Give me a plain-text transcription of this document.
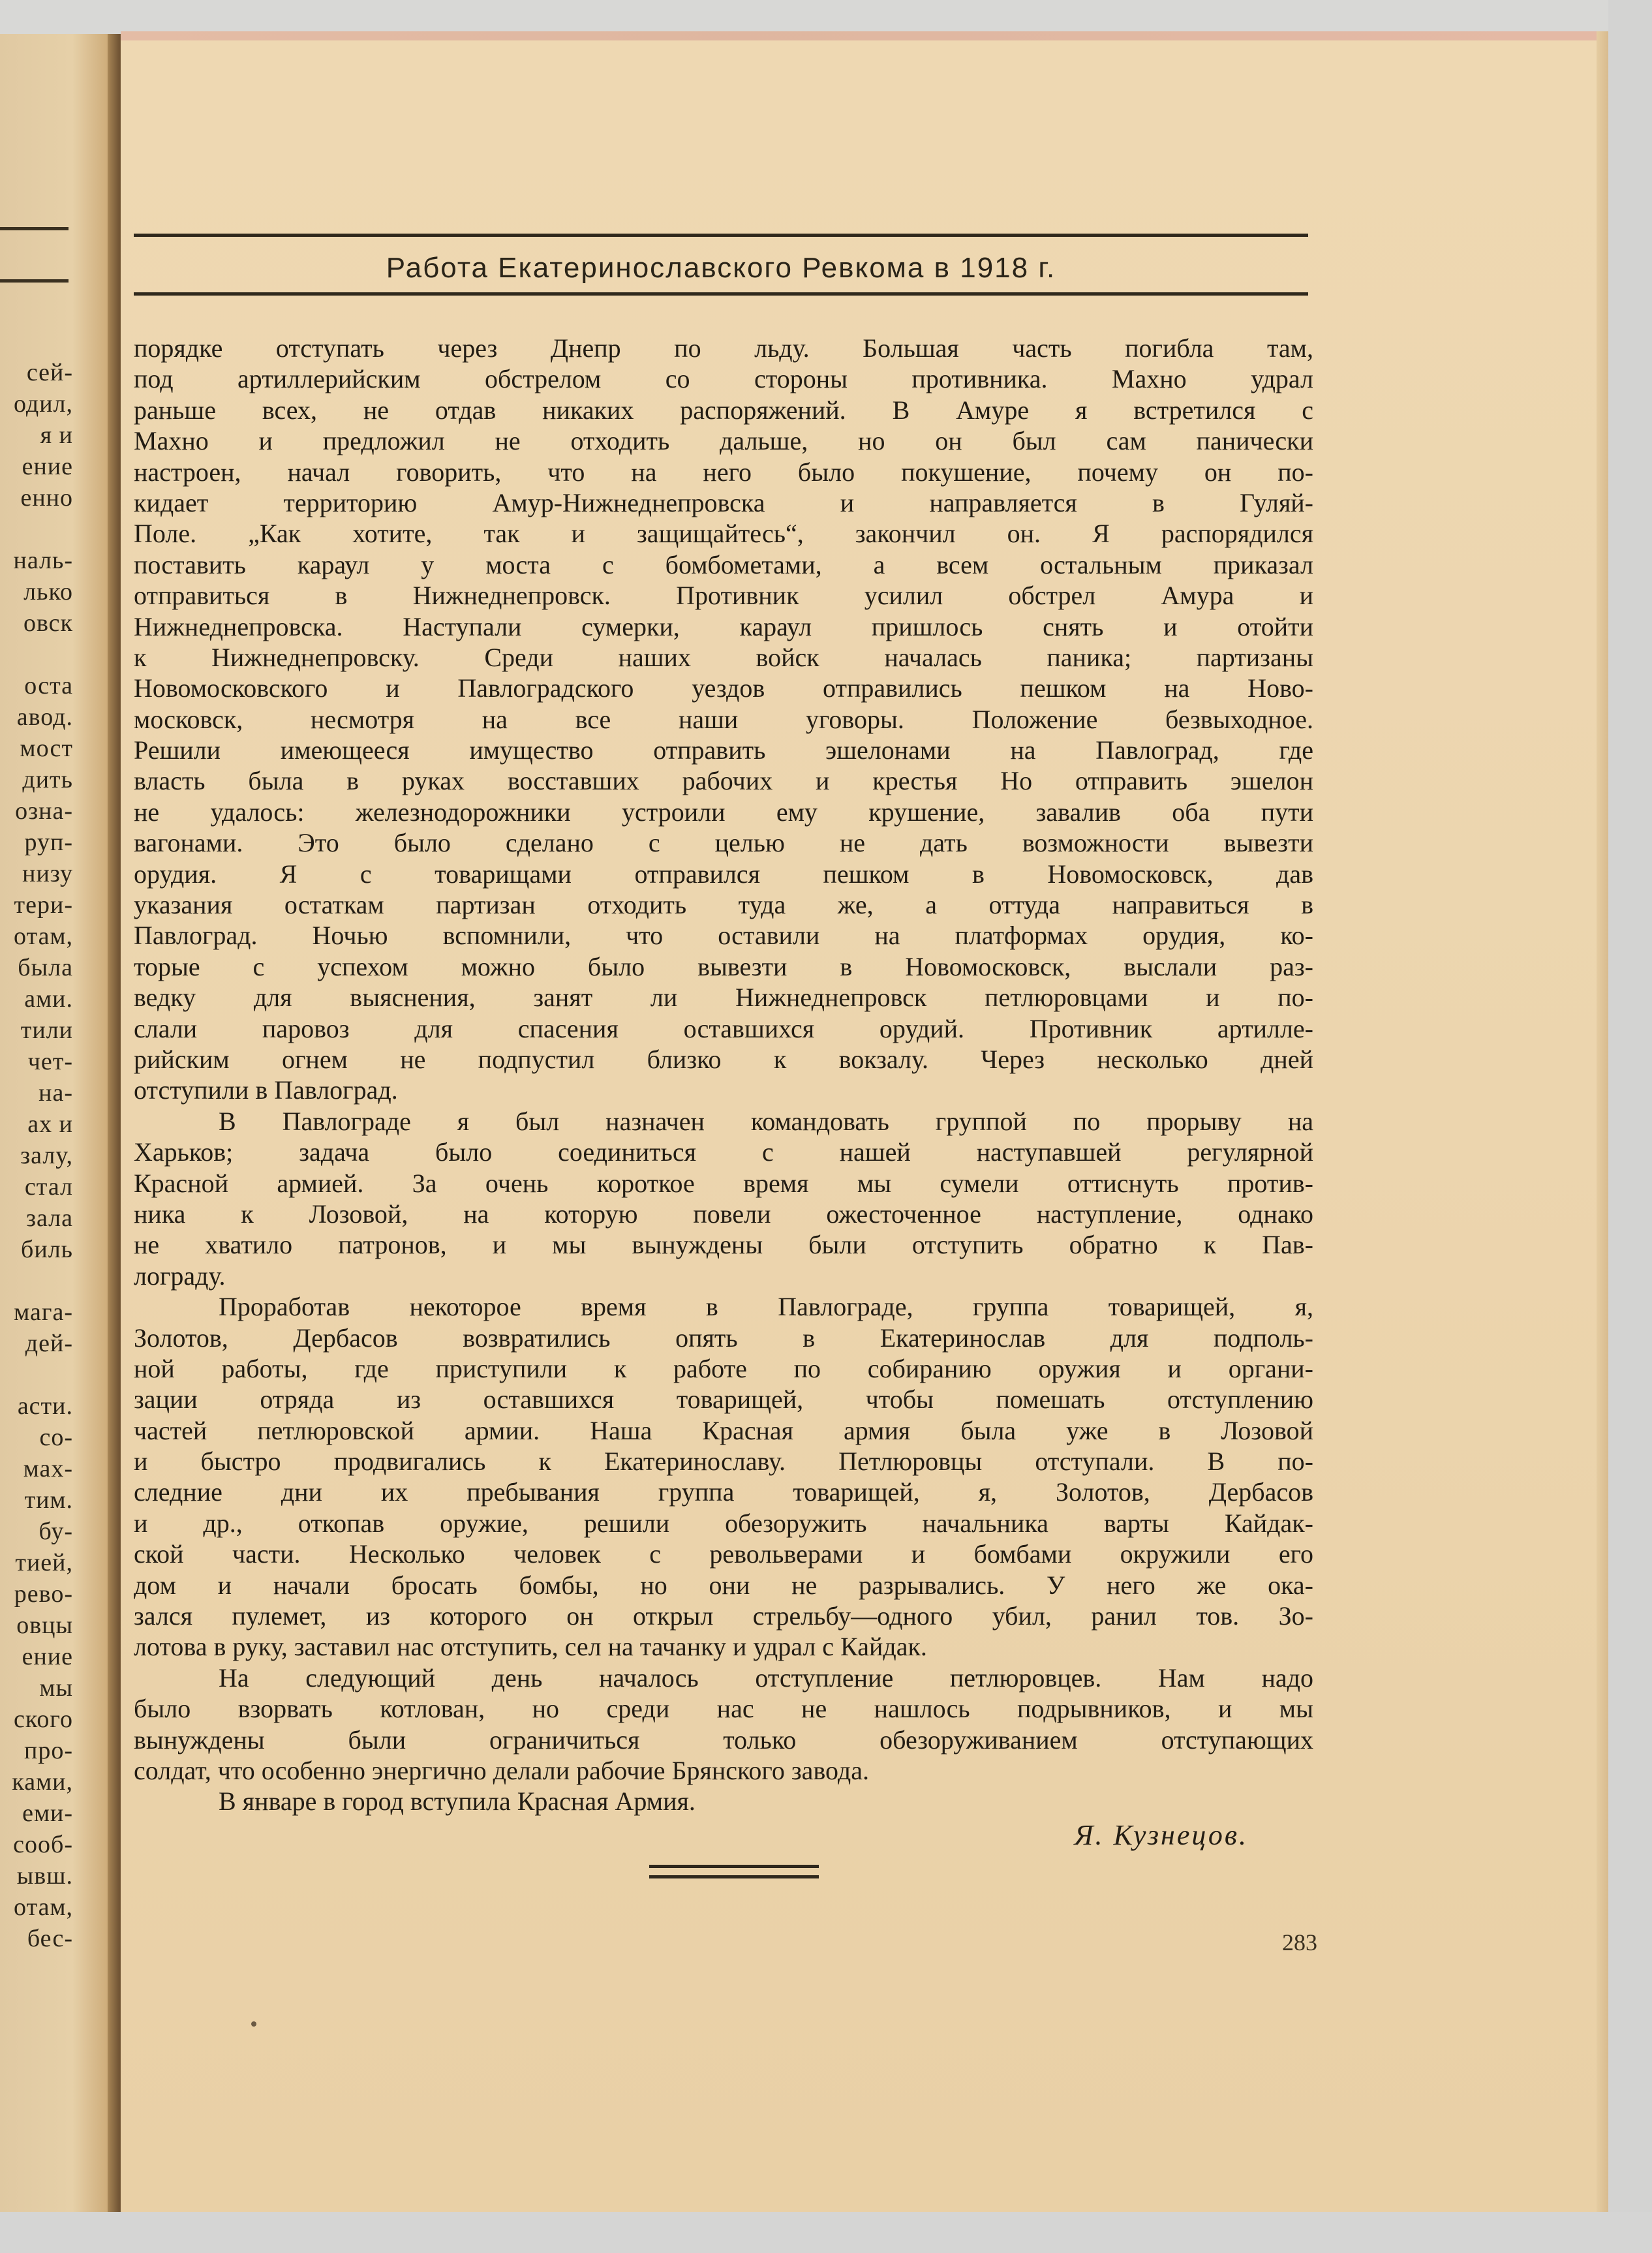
сей-
одил,
я и
ение
енно
наль-
лько
овск
оста
авод.
мост
дить
озна-
руп-
низу
тери-
отам,
была
ами.
тили
чет-
на-
ах и
залу,
стал
зала
биль
мага-
дей-
асти.
со-
мах-
тим.
бу-
тией,
рево-
овцы
ение
мы
ского
про-
ками,
еми-
сооб-
ывш.
отам,
бес-
Работа Екатеринославского Ревкома в 1918 г.
порядке отступать через Днепр по льду. Большая часть погибла там,
под артиллерийским обстрелом со стороны противника. Махно удрал
раньше всех, не отдав никаких распоряжений. В Амуре я встретился с
Махно и предложил не отходить дальше, но он был сам панически
настроен, начал говорить, что на него было покушение, почему он по-
кидает территорию Амур-Нижнеднепровска и направляется в Гуляй-
Поле. „Как хотите, так и защищайтесь“, закончил он. Я распорядился
поставить караул у моста с бомбометами, а всем остальным приказал
отправиться в Нижнеднепровск. Противник усилил обстрел Амура и
Нижнеднепровска. Наступали сумерки, караул пришлось снять и отойти
к Нижнеднепровску. Среди наших войск началась паника; партизаны
Новомосковского и Павлоградского уездов отправились пешком на Ново-
московск, несмотря на все наши уговоры. Положение безвыходное.
Решили имеющееся имущество отправить эшелонами на Павлоград, где
власть была в руках восставших рабочих и крестья Но отправить эшелон
не удалось: железнодорожники устроили ему крушение, завалив оба пути
вагонами. Это было сделано с целью не дать возможности вывезти
орудия. Я с товарищами отправился пешком в Новомосковск, дав
указания остаткам партизан отходить туда же, а оттуда направиться в
Павлоград. Ночью вспомнили, что оставили на платформах орудия, ко-
торые с успехом можно было вывезти в Новомосковск, выслали раз-
ведку для выяснения, занят ли Нижнеднепровск петлюровцами и по-
слали паровоз для спасения оставшихся орудий. Противник артилле-
рийским огнем не подпустил близко к вокзалу. Через несколько дней
отступили в Павлоград.
В Павлограде я был назначен командовать группой по прорыву на
Харьков; задача было соединиться с нашей наступавшей регулярной
Красной армией. За очень короткое время мы сумели оттиснуть против-
ника к Лозовой, на которую повели ожесточенное наступление, однако
не хватило патронов, и мы вынуждены были отступить обратно к Пав-
лограду.
Проработав некоторое время в Павлограде, группа товарищей, я,
Золотов, Дербасов возвратились опять в Екатеринослав для подполь-
ной работы, где приступили к работе по собиранию оружия и органи-
зации отряда из оставшихся товарищей, чтобы помешать отступлению
частей петлюровской армии. Наша Красная армия была уже в Лозовой
и быстро продвигались к Екатеринославу. Петлюровцы отступали. В по-
следние дни их пребывания группа товарищей, я, Золотов, Дербасов
и др., откопав оружие, решили обезоружить начальника варты Кайдак-
ской части. Несколько человек с револьверами и бомбами окружили его
дом и начали бросать бомбы, но они не разрывались. У него же ока-
зался пулемет, из которого он открыл стрельбу—одного убил, ранил тов. Зо-
лотова в руку, заставил нас отступить, сел на тачанку и удрал с Кайдак.
На следующий день началось отступление петлюровцев. Нам надо
было взорвать котлован, но среди нас не нашлось подрывников, и мы
вынуждены были ограничиться только обезоруживанием отступающих
солдат, что особенно энергично делали рабочие Брянского завода.
В январе в город вступила Красная Армия.
Я. Кузнецов.
283
